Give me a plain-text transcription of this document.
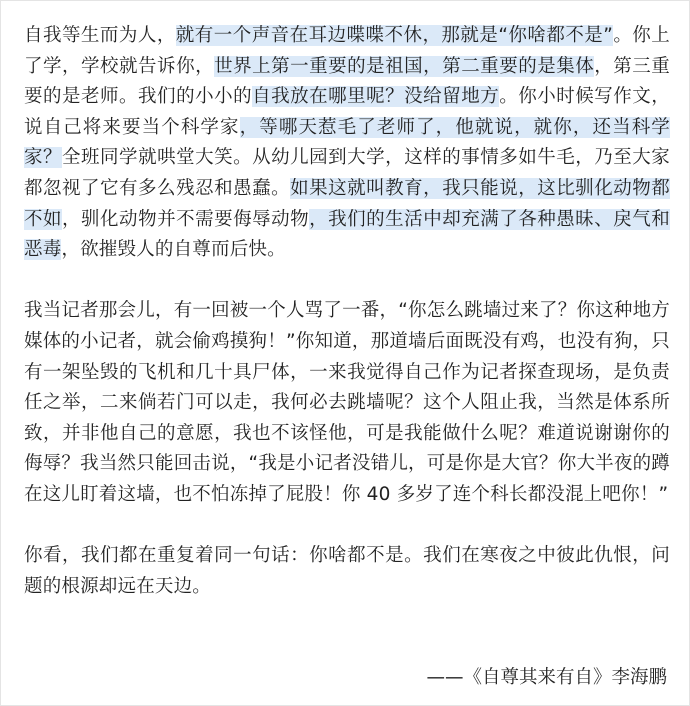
自我等生而为人，就有一个声音在耳边喋喋不休，那就是“你啥都不是”。你上了学，学校就告诉你，世界上第一重要的是祖国，第二重要的是集体，第三重要的是老师。我们的小小的自我放在哪里呢？没给留地方。你小时候写作文，说自己将来要当个科学家，等哪天惹毛了老师了，他就说，就你，还当科学家？全班同学就哄堂大笑。从幼儿园到大学，这样的事情多如牛毛，乃至大家都忽视了它有多么残忍和愚蠢。如果这就叫教育，我只能说，这比驯化动物都不如，驯化动物并不需要侮辱动物，我们的生活中却充满了各种愚昧、戾气和恶毒，欲摧毁人的自尊而后快。

我当记者那会儿，有一回被一个人骂了一番，“你怎么跳墙过来了？你这种地方媒体的小记者，就会偷鸡摸狗！”你知道，那道墙后面既没有鸡，也没有狗，只有一架坠毁的飞机和几十具尸体，一来我觉得自己作为记者探查现场，是负责任之举，二来倘若门可以走，我何必去跳墙呢？这个人阻止我，当然是体系所致，并非他自己的意愿，我也不该怪他，可是我能做什么呢？难道说谢谢你的侮辱？我当然只能回击说，“我是小记者没错儿，可是你是大官？你大半夜的蹲在这儿盯着这墙，也不怕冻掉了屁股！你 40 多岁了连个科长都没混上吧你！”

你看，我们都在重复着同一句话：你啥都不是。我们在寒夜之中彼此仇恨，问题的根源却远在天边。

——《自尊其来有自》李海鹏
